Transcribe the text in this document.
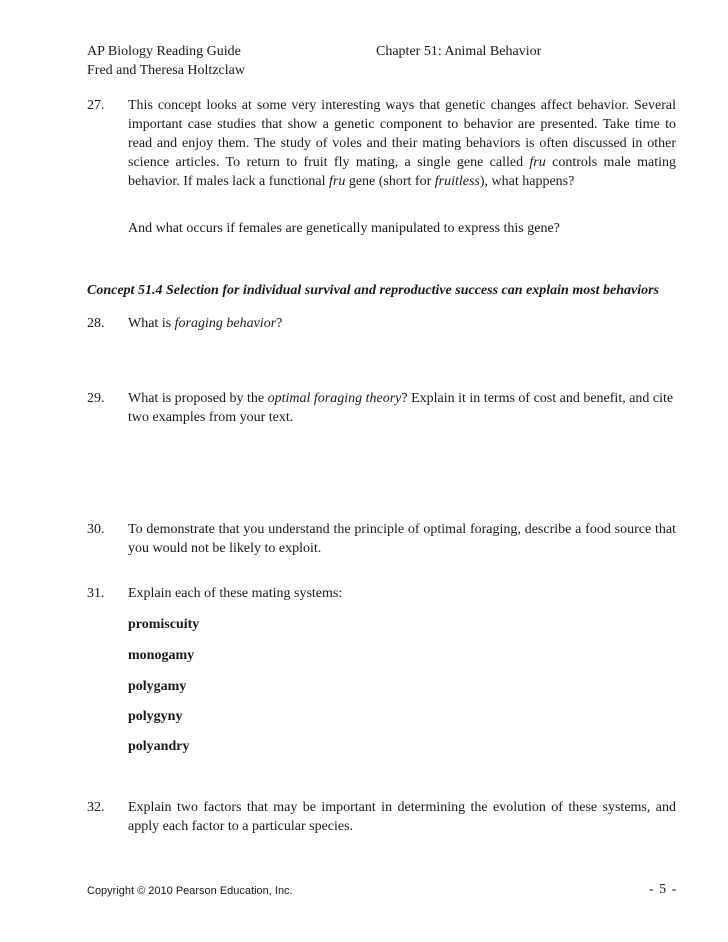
AP Biology Reading Guide	Chapter 51: Animal Behavior
Fred and Theresa Holtzclaw
27. This concept looks at some very interesting ways that genetic changes affect behavior. Several important case studies that show a genetic component to behavior are presented. Take time to read and enjoy them. The study of voles and their mating behaviors is often discussed in other science articles. To return to fruit fly mating, a single gene called fru controls male mating behavior. If males lack a functional fru gene (short for fruitless), what happens?
And what occurs if females are genetically manipulated to express this gene?
Concept 51.4 Selection for individual survival and reproductive success can explain most behaviors
28. What is foraging behavior?
29. What is proposed by the optimal foraging theory? Explain it in terms of cost and benefit, and cite two examples from your text.
30. To demonstrate that you understand the principle of optimal foraging, describe a food source that you would not be likely to exploit.
31. Explain each of these mating systems:
promiscuity
monogamy
polygamy
polygyny
polyandry
32. Explain two factors that may be important in determining the evolution of these systems, and apply each factor to a particular species.
Copyright © 2010 Pearson Education, Inc.	- 5 -
